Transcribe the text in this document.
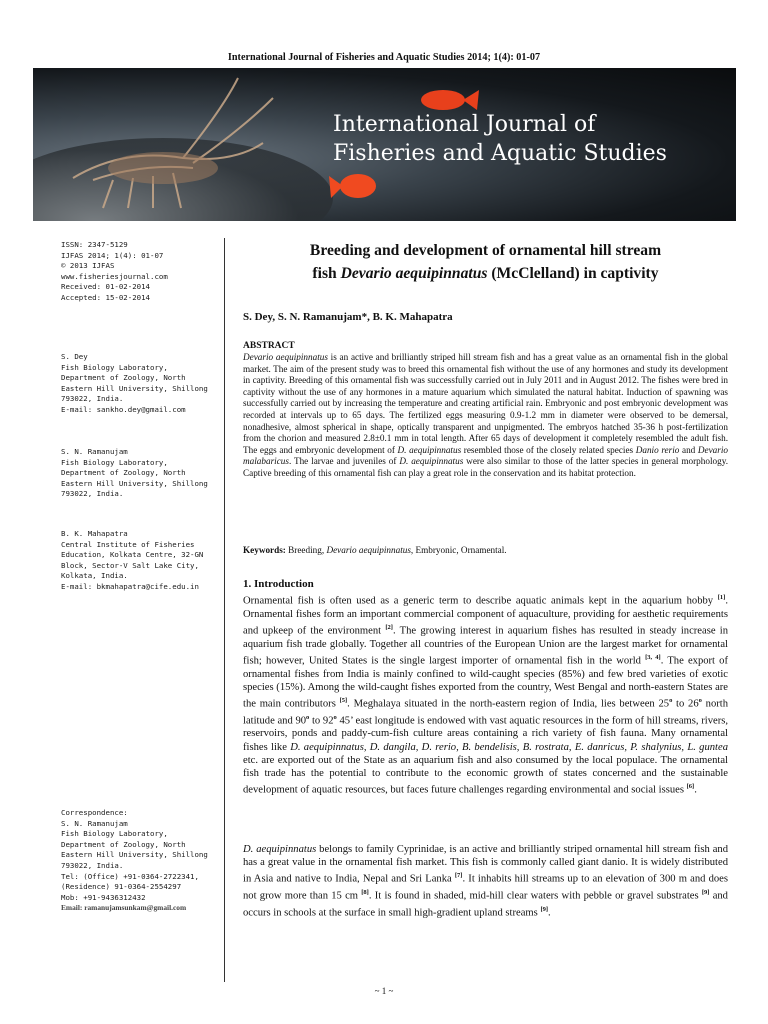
International Journal of Fisheries and Aquatic Studies 2014; 1(4): 01-07
International Journal of
Fisheries and Aquatic Studies
ISSN: 2347-5129
IJFAS 2014; 1(4): 01-07
© 2013 IJFAS
www.fisheriesjournal.com
Received: 01-02-2014
Accepted: 15-02-2014
S. Dey
Fish Biology Laboratory,
Department of Zoology, North
Eastern Hill University, Shillong
793022, India.
E-mail: sankho.dey@gmail.com
S. N. Ramanujam
Fish Biology Laboratory,
Department of Zoology, North
Eastern Hill University, Shillong
793022, India.
B. K. Mahapatra
Central Institute of Fisheries
Education, Kolkata Centre, 32-GN
Block, Sector-V Salt Lake City,
Kolkata, India.
E-mail: bkmahapatra@cife.edu.in
Correspondence:
S. N. Ramanujam
Fish Biology Laboratory,
Department of Zoology, North
Eastern Hill University, Shillong
793022, India.
Tel: (Office) +91-0364-2722341,
(Residence) 91-0364-2554297
Mob: +91-9436312432
Email: ramanujamsunkam@gmail.com
Breeding and development of ornamental hill stream
fish Devario aequipinnatus (McClelland) in captivity
S. Dey, S. N. Ramanujam*, B. K. Mahapatra
ABSTRACT
Devario aequipinnatus is an active and brilliantly striped hill stream fish and has a great value as an ornamental fish in the global market. The aim of the present study was to breed this ornamental fish without the use of any hormones and study its development in captivity. Breeding of this ornamental fish was successfully carried out in July 2011 and in August 2012. The fishes were bred in captivity without the use of any hormones in a mature aquarium which simulated the natural habitat. Induction of spawning was successfully carried out by increasing the temperature and creating artificial rain. Embryonic and post embryonic development was recorded at intervals up to 65 days. The fertilized eggs measuring 0.9-1.2 mm in diameter were observed to be demersal, nonadhesive, almost spherical in shape, optically transparent and unpigmented. The embryos hatched 35-36 h post-fertilization from the chorion and measured 2.8±0.1 mm in total length. After 65 days of development it completely resembled the adult fish. The eggs and embryonic development of D. aequipinnatus resembled those of the closely related species Danio rerio and Devario malabaricus. The larvae and juveniles of D. aequipinnatus were also similar to those of the latter species in general morphology. Captive breeding of this ornamental fish can play a great role in the conservation and its habitat protection.
Keywords: Breeding, Devario aequipinnatus, Embryonic, Ornamental.
1. Introduction
Ornamental fish is often used as a generic term to describe aquatic animals kept in the aquarium hobby [1]. Ornamental fishes form an important commercial component of aquaculture, providing for aesthetic requirements and upkeep of the environment [2]. The growing interest in aquarium fishes has resulted in steady increase in aquarium fish trade globally. Together all countries of the European Union are the largest market for ornamental fish; however, United States is the single largest importer of ornamental fish in the world [3, 4]. The export of ornamental fishes from India is mainly confined to wild-caught species (85%) and few bred varieties of exotic species (15%). Among the wild-caught fishes exported from the country, West Bengal and north-eastern States are the main contributors [5]. Meghalaya situated in the north-eastern region of India, lies between 25$^o$ to 26$^o$ north latitude and 90$^o$ to 92$^o$ 45’ east longitude is endowed with vast aquatic resources in the form of hill streams, rivers, reservoirs, ponds and paddy-cum-fish culture areas containing a rich variety of fish fauna. Many ornamental fishes like D. aequipinnatus, D. dangila, D. rerio, B. bendelisis, B. rostrata, E. danricus, P. shalynius, L. guntea etc. are exported out of the State as an aquarium fish and also consumed by the local populace. The ornamental fish trade has the potential to contribute to the economic growth of states concerned and the sustainable development of aquatic resources, but faces future challenges regarding environmental and social issues [6].
D. aequipinnatus belongs to family Cyprinidae, is an active and brilliantly striped ornamental hill stream fish and has a great value in the ornamental fish market. This fish is commonly called giant danio. It is widely distributed in Asia and native to India, Nepal and Sri Lanka [7]. It inhabits hill streams up to an elevation of 300 m and does not grow more than 15 cm [8]. It is found in shaded, mid-hill clear waters with pebble or gravel substrates [9] and occurs in schools at the surface in small high-gradient upland streams [9].
~ 1 ~
